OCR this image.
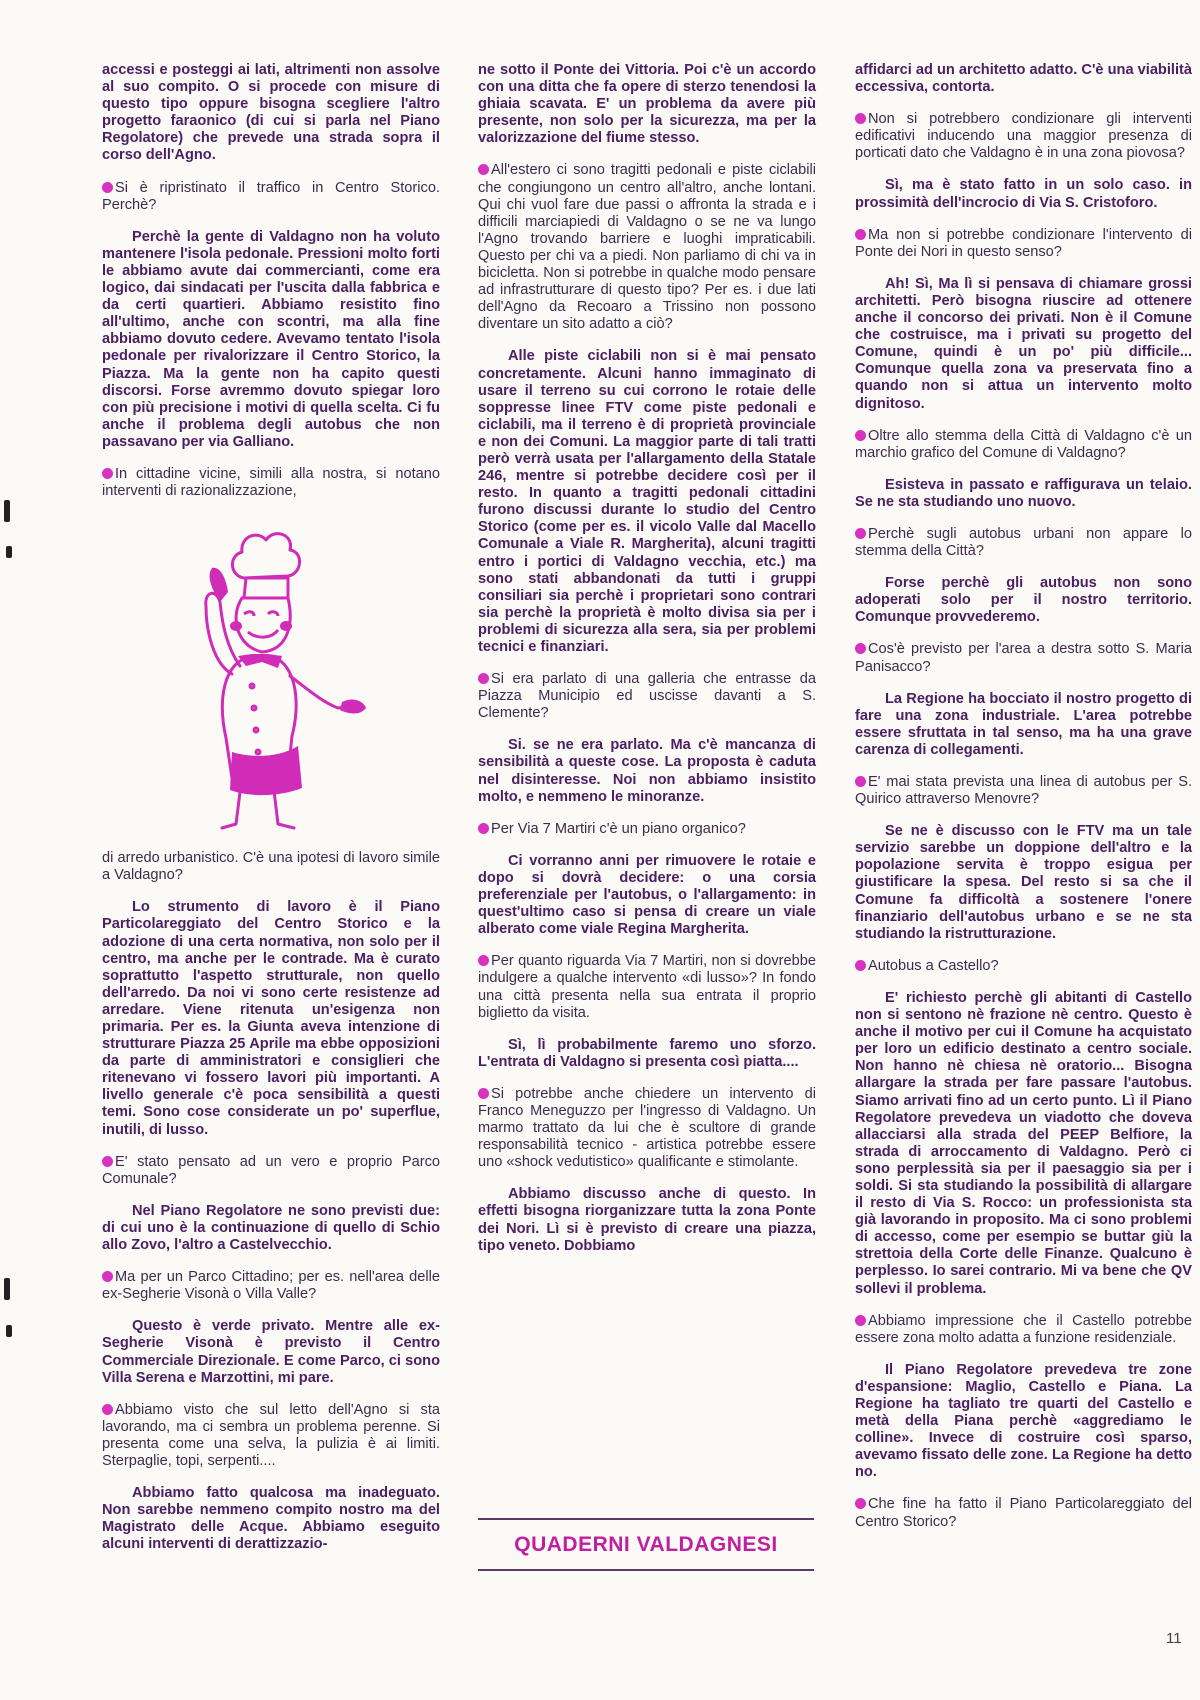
accessi e posteggi ai lati, altrimenti non assolve al suo compito. O si procede con misure di questo tipo oppure bisogna scegliere l'altro progetto faraonico (di cui si parla nel Piano Regolatore) che prevede una strada sopra il corso dell'Agno.

Si è ripristinato il traffico in Centro Storico. Perchè?

Perchè la gente di Valdagno non ha voluto mantenere l'isola pedonale. Pressioni molto forti le abbiamo avute dai commercianti, come era logico, dai sindacati per l'uscita dalla fabbrica e da certi quartieri. Abbiamo resistito fino all'ultimo, anche con scontri, ma alla fine abbiamo dovuto cedere. Avevamo tentato l'isola pedonale per rivalorizzare il Centro Storico, la Piazza. Ma la gente non ha capito questi discorsi. Forse avremmo dovuto spiegar loro con più precisione i motivi di quella scelta. Ci fu anche il problema degli autobus che non passavano per via Galliano.

In cittadine vicine, simili alla nostra, si notano interventi di razionalizzazione,

di arredo urbanistico. C'è una ipotesi di lavoro simile a Valdagno?

Lo strumento di lavoro è il Piano Particolareggiato del Centro Storico e la adozione di una certa normativa, non solo per il centro, ma anche per le contrade. Ma è curato soprattutto l'aspetto strutturale, non quello dell'arredo. Da noi vi sono certe resistenze ad arredare. Viene ritenuta un'esigenza non primaria. Per es. la Giunta aveva intenzione di strutturare Piazza 25 Aprile ma ebbe opposizioni da parte di amministratori e consiglieri che ritenevano vi fossero lavori più importanti. A livello generale c'è poca sensibilità a questi temi. Sono cose considerate un po' superflue, inutili, di lusso.

E' stato pensato ad un vero e proprio Parco Comunale?

Nel Piano Regolatore ne sono previsti due: di cui uno è la continuazione di quello di Schio allo Zovo, l'altro a Castelvecchio.

Ma per un Parco Cittadino; per es. nell'area delle ex-Segherie Visonà o Villa Valle?

Questo è verde privato. Mentre alle ex-Segherie Visonà è previsto il Centro Commerciale Direzionale. E come Parco, ci sono Villa Serena e Marzottini, mi pare.

Abbiamo visto che sul letto dell'Agno si sta lavorando, ma ci sembra un problema perenne. Si presenta come una selva, la pulizia è ai limiti. Sterpaglie, topi, serpenti....

Abbiamo fatto qualcosa ma inadeguato. Non sarebbe nemmeno compito nostro ma del Magistrato delle Acque. Abbiamo eseguito alcuni interventi di derattizzazio-

ne sotto il Ponte dei Vittoria. Poi c'è un accordo con una ditta che fa opere di sterzo tenendosi la ghiaia scavata. E' un problema da avere più presente, non solo per la sicurezza, ma per la valorizzazione del fiume stesso.

All'estero ci sono tragitti pedonali e piste ciclabili che congiungono un centro all'altro, anche lontani. Qui chi vuol fare due passi o affronta la strada e i difficili marciapiedi di Valdagno o se ne va lungo l'Agno trovando barriere e luoghi impraticabili. Questo per chi va a piedi. Non parliamo di chi va in bicicletta. Non si potrebbe in qualche modo pensare ad infrastrutturare di questo tipo? Per es. i due lati dell'Agno da Recoaro a Trissino non possono diventare un sito adatto a ciò?

Alle piste ciclabili non si è mai pensato concretamente. Alcuni hanno immaginato di usare il terreno su cui corrono le rotaie delle soppresse linee FTV come piste pedonali e ciclabili, ma il terreno è di proprietà provinciale e non dei Comuni. La maggior parte di tali tratti però verrà usata per l'allargamento della Statale 246, mentre si potrebbe decidere così per il resto. In quanto a tragitti pedonali cittadini furono discussi durante lo studio del Centro Storico (come per es. il vicolo Valle dal Macello Comunale a Viale R. Margherita), alcuni tragitti entro i portici di Valdagno vecchia, etc.) ma sono stati abbandonati da tutti i gruppi consiliari sia perchè i proprietari sono contrari sia perchè la proprietà è molto divisa sia per i problemi di sicurezza alla sera, sia per problemi tecnici e finanziari.

Si era parlato di una galleria che entrasse da Piazza Municipio ed uscisse davanti a S. Clemente?

Si. se ne era parlato. Ma c'è mancanza di sensibilità a queste cose. La proposta è caduta nel disinteresse. Noi non abbiamo insistito molto, e nemmeno le minoranze.

Per Via 7 Martiri c'è un piano organico?

Ci vorranno anni per rimuovere le rotaie e dopo si dovrà decidere: o una corsia preferenziale per l'autobus, o l'allargamento: in quest'ultimo caso si pensa di creare un viale alberato come viale Regina Margherita.

Per quanto riguarda Via 7 Martiri, non si dovrebbe indulgere a qualche intervento «di lusso»? In fondo una città presenta nella sua entrata il proprio biglietto da visita.

Sì, lì probabilmente faremo uno sforzo. L'entrata di Valdagno si presenta così piatta....

Si potrebbe anche chiedere un intervento di Franco Meneguzzo per l'ingresso di Valdagno. Un marmo trattato da lui che è scultore di grande responsabilità tecnico - artistica potrebbe essere uno «shock vedutistico» qualificante e stimolante.

Abbiamo discusso anche di questo. In effetti bisogna riorganizzare tutta la zona Ponte dei Nori. Lì si è previsto di creare una piazza, tipo veneto. Dobbiamo

affidarci ad un architetto adatto. C'è una viabilità eccessiva, contorta.

Non si potrebbero condizionare gli interventi edificativi inducendo una maggior presenza di porticati dato che Valdagno è in una zona piovosa?

Sì, ma è stato fatto in un solo caso. in prossimità dell'incrocio di Via S. Cristoforo.

Ma non si potrebbe condizionare l'intervento di Ponte dei Nori in questo senso?

Ah! Sì, Ma lì si pensava di chiamare grossi architetti. Però bisogna riuscire ad ottenere anche il concorso dei privati. Non è il Comune che costruisce, ma i privati su progetto del Comune, quindi è un po' più difficile... Comunque quella zona va preservata fino a quando non si attua un intervento molto dignitoso.

Oltre allo stemma della Città di Valdagno c'è un marchio grafico del Comune di Valdagno?

Esisteva in passato e raffigurava un telaio. Se ne sta studiando uno nuovo.

Perchè sugli autobus urbani non appare lo stemma della Città?

Forse perchè gli autobus non sono adoperati solo per il nostro territorio. Comunque provvederemo.

Cos'è previsto per l'area a destra sotto S. Maria Panisacco?

La Regione ha bocciato il nostro progetto di fare una zona industriale. L'area potrebbe essere sfruttata in tal senso, ma ha una grave carenza di collegamenti.

E' mai stata prevista una linea di autobus per S. Quirico attraverso Menovre?

Se ne è discusso con le FTV ma un tale servizio sarebbe un doppione dell'altro e la popolazione servita è troppo esigua per giustificare la spesa. Del resto si sa che il Comune fa difficoltà a sostenere l'onere finanziario dell'autobus urbano e se ne sta studiando la ristrutturazione.

Autobus a Castello?

E' richiesto perchè gli abitanti di Castello non si sentono nè frazione nè centro. Questo è anche il motivo per cui il Comune ha acquistato per loro un edificio destinato a centro sociale. Non hanno nè chiesa nè oratorio... Bisogna allargare la strada per fare passare l'autobus. Siamo arrivati fino ad un certo punto. Lì il Piano Regolatore prevedeva un viadotto che doveva allacciarsi alla strada del PEEP Belfiore, la strada di arroccamento di Valdagno. Però ci sono perplessità sia per il paesaggio sia per i soldi. Si sta studiando la possibilità di allargare il resto di Via S. Rocco: un professionista sta già lavorando in proposito. Ma ci sono problemi di accesso, come per esempio se buttar giù la strettoia della Corte delle Finanze. Qualcuno è perplesso. Io sarei contrario. Mi va bene che QV sollevi il problema.

Abbiamo impressione che il Castello potrebbe essere zona molto adatta a funzione residenziale.

Il Piano Regolatore prevedeva tre zone d'espansione: Maglio, Castello e Piana. La Regione ha tagliato tre quarti del Castello e metà della Piana perchè «aggrediamo le colline». Invece di costruire così sparso, avevamo fissato delle zone. La Regione ha detto no.

Che fine ha fatto il Piano Particolareggiato del Centro Storico?

QUADERNI VALDAGNESI
11
